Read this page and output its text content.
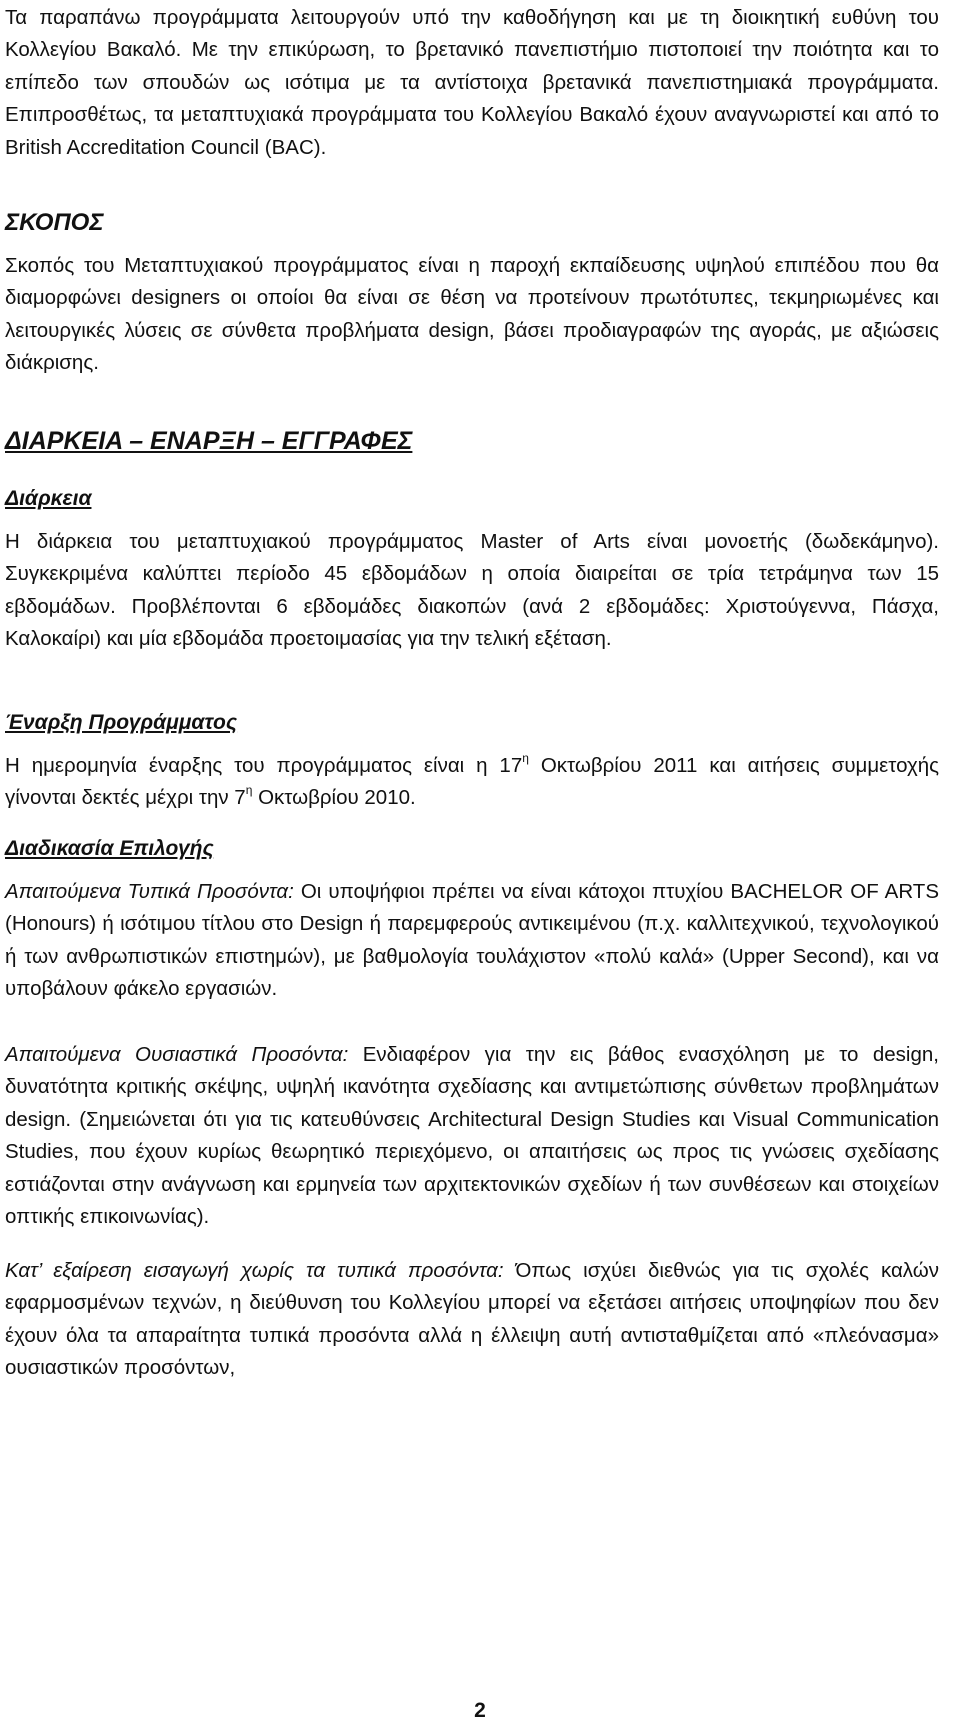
Τα παραπάνω προγράμματα λειτουργούν υπό την καθοδήγηση και με τη διοικητική ευθύνη του Κολλεγίου Βακαλό. Με την επικύρωση, το βρετανικό πανεπιστήμιο πιστοποιεί την ποιότητα και το επίπεδο των σπουδών ως ισότιμα με τα αντίστοιχα βρετανικά πανεπιστημιακά προγράμματα. Επιπροσθέτως, τα μεταπτυχιακά προγράμματα του Κολλεγίου Βακαλό έχουν αναγνωριστεί και από το British Accreditation Council (BAC).

ΣΚΟΠΟΣ

Σκοπός του Μεταπτυχιακού προγράμματος είναι η παροχή εκπαίδευσης υψηλού επιπέδου που θα διαμορφώνει designers οι οποίοι θα είναι σε θέση να προτείνουν πρωτότυπες, τεκμηριωμένες και λειτουργικές λύσεις σε σύνθετα προβλήματα design, βάσει προδιαγραφών της αγοράς, με αξιώσεις διάκρισης.

ΔΙΑΡΚΕΙΑ – ΕΝΑΡΞΗ – ΕΓΓΡΑΦΕΣ
Διάρκεια

Η διάρκεια του μεταπτυχιακού προγράμματος Master of Arts είναι μονοετής (δωδεκάμηνο). Συγκεκριμένα καλύπτει περίοδο 45 εβδομάδων η οποία διαιρείται σε τρία τετράμηνα των 15 εβδομάδων. Προβλέπονται 6 εβδομάδες διακοπών (ανά 2 εβδομάδες: Χριστούγεννα, Πάσχα, Καλοκαίρι) και μία εβδομάδα προετοιμασίας για την τελική εξέταση.

Έναρξη Προγράμματος

Η ημερομηνία έναρξης του προγράμματος είναι η $17^\eta$ Οκτωβρίου 2011 και αιτήσεις συμμετοχής γίνονται δεκτές μέχρι την $7^\eta$ Οκτωβρίου 2010.

Διαδικασία Επιλογής

Απαιτούμενα Τυπικά Προσόντα: Οι υποψήφιοι πρέπει να είναι κάτοχοι πτυχίου BACHELOR OF ARTS (Honours) ή ισότιμου τίτλου στο Design ή παρεμφερούς αντικειμένου (π.χ. καλλιτεχνικού, τεχνολογικού ή των ανθρωπιστικών επιστημών), με βαθμολογία τουλάχιστον «πολύ καλά» (Upper Second), και να υποβάλουν φάκελο εργασιών.

Απαιτούμενα Ουσιαστικά Προσόντα: Ενδιαφέρον για την εις βάθος ενασχόληση με το design, δυνατότητα κριτικής σκέψης, υψηλή ικανότητα σχεδίασης και αντιμετώπισης σύνθετων προβλημάτων design. (Σημειώνεται ότι για τις κατευθύνσεις Architectural Design Studies και Visual Communication Studies, που έχουν κυρίως θεωρητικό περιεχόμενο, οι απαιτήσεις ως προς τις γνώσεις σχεδίασης εστιάζονται στην ανάγνωση και ερμηνεία των αρχιτεκτονικών σχεδίων ή των συνθέσεων και στοιχείων οπτικής επικοινωνίας).

Κατ’ εξαίρεση εισαγωγή χωρίς τα τυπικά προσόντα: Όπως ισχύει διεθνώς για τις σχολές καλών εφαρμοσμένων τεχνών, η διεύθυνση του Κολλεγίου μπορεί να εξετάσει αιτήσεις υποψηφίων που δεν έχουν όλα τα απαραίτητα τυπικά προσόντα αλλά η έλλειψη αυτή αντισταθμίζεται από «πλεόνασμα» ουσιαστικών προσόντων,

2
